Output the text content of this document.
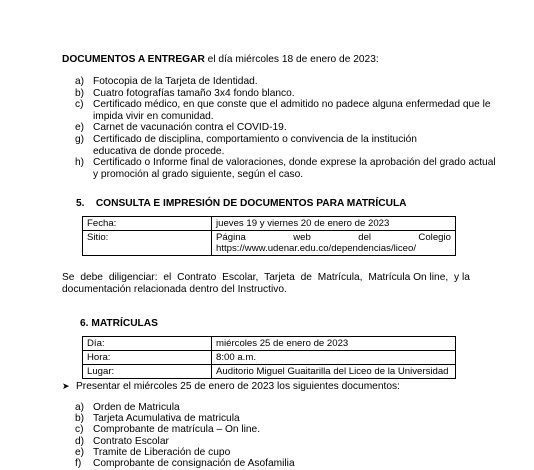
DOCUMENTOS A ENTREGAR el día miércoles 18 de enero de 2023:
a) Fotocopia de la Tarjeta de Identidad.
b) Cuatro fotografías tamaño 3x4 fondo blanco.
c) Certificado médico, en que conste que el admitido no padece alguna enfermedad que le
impida vivir en comunidad.
e) Carnet de vacunación contra el COVID-19.
g) Certificado de disciplina, comportamiento o convivencia de la institución
educativa de donde procede.
h) Certificado o Informe final de valoraciones, donde exprese la aprobación del grado actual
y promoción al grado siguiente, según el caso.
5. CONSULTA E IMPRESIÓN DE DOCUMENTOS PARA MATRÍCULA
Fecha:	jueves 19 y viernes 20 de enero de 2023
Sitio:	Página web del Colegio
https://www.udenar.edu.co/dependencias/liceo/
Se debe diligenciar: el Contrato Escolar, Tarjeta de Matrícula, Matrícula On line, y la
documentación relacionada dentro del Instructivo.
6. MATRÍCULAS
Día:	miércoles 25 de enero de 2023
Hora:	8:00 a.m.
Lugar:	Auditorio Miguel Guaitarilla del Liceo de la Universidad
➤ Presentar el miércoles 25 de enero de 2023 los siguientes documentos:
a) Orden de Matricula
b) Tarjeta Acumulativa de matricula
c) Comprobante de matrícula – On line.
d) Contrato Escolar
e) Tramite de Liberación de cupo
f) Comprobante de consignación de Asofamilia
